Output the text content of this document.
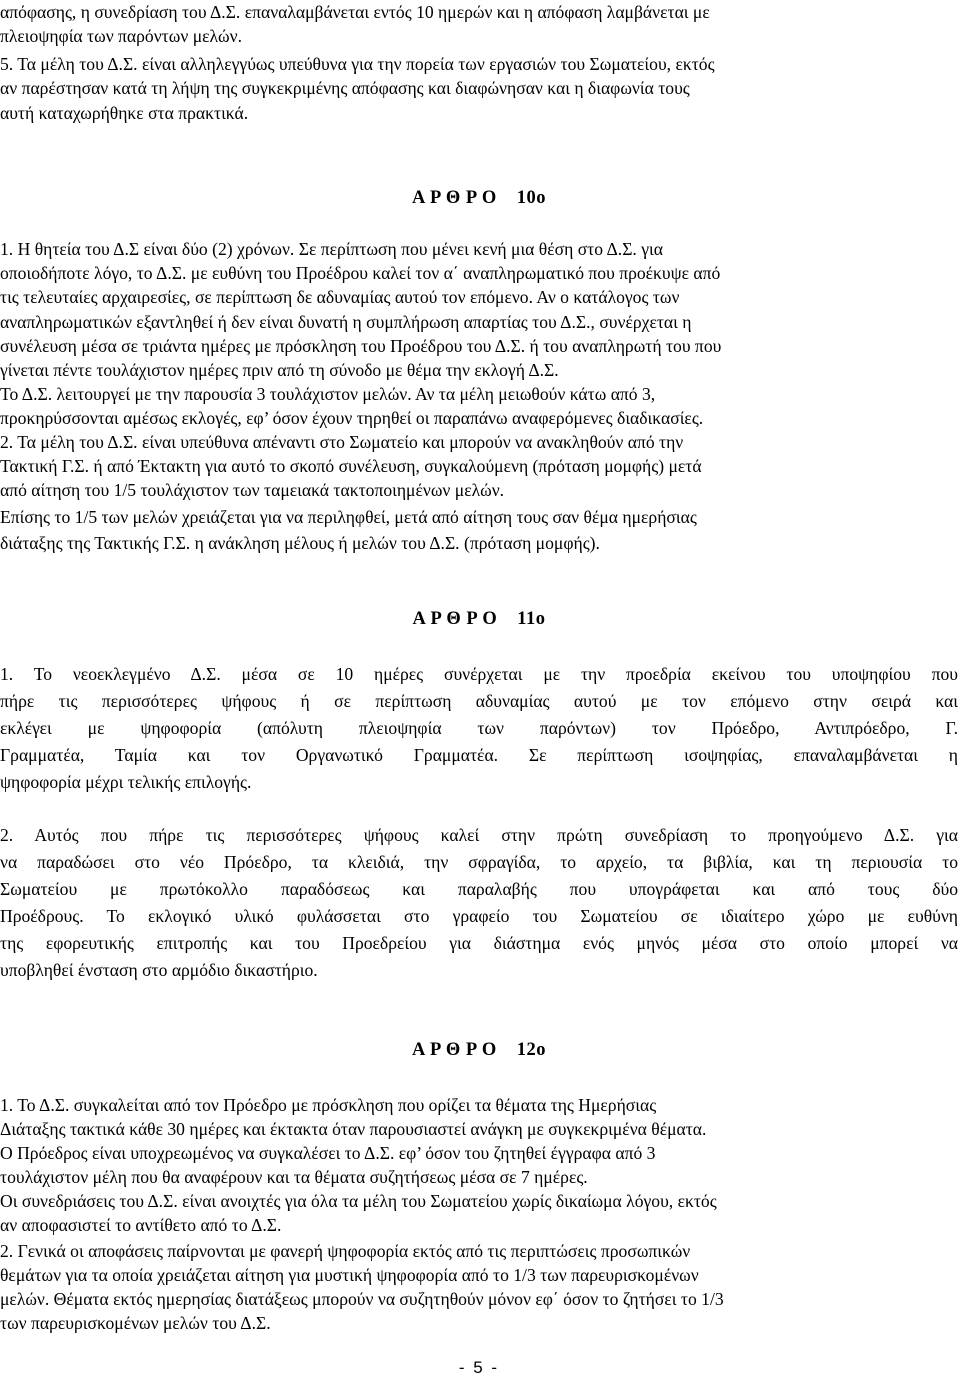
απόφασης, η συνεδρίαση του Δ.Σ. επαναλαμβάνεται εντός 10 ημερών και η απόφαση λαμβάνεται με
πλειοψηφία των παρόντων μελών.
5. Τα μέλη του Δ.Σ. είναι αλληλεγγύως υπεύθυνα για την πορεία των εργασιών του Σωματείου, εκτός
αν παρέστησαν κατά τη λήψη της συγκεκριμένης απόφασης και διαφώνησαν και η διαφωνία τους
αυτή καταχωρήθηκε στα πρακτικά.
Α Ρ Θ Ρ Ο 10ο
1. Η θητεία του Δ.Σ είναι δύο (2) χρόνων. Σε περίπτωση που μένει κενή μια θέση στο Δ.Σ. για
οποιοδήποτε λόγο, το Δ.Σ. με ευθύνη του Προέδρου καλεί τον α΄ αναπληρωματικό που προέκυψε από
τις τελευταίες αρχαιρεσίες, σε περίπτωση δε αδυναμίας αυτού τον επόμενο. Αν ο κατάλογος των
αναπληρωματικών εξαντληθεί ή δεν είναι δυνατή η συμπλήρωση απαρτίας του Δ.Σ., συνέρχεται η
συνέλευση μέσα σε τριάντα ημέρες με πρόσκληση του Προέδρου του Δ.Σ. ή του αναπληρωτή του που
γίνεται πέντε τουλάχιστον ημέρες πριν από τη σύνοδο με θέμα την εκλογή Δ.Σ.
Το Δ.Σ. λειτουργεί με την παρουσία 3 τουλάχιστον μελών. Αν τα μέλη μειωθούν κάτω από 3,
προκηρύσσονται αμέσως εκλογές, εφ’ όσον έχουν τηρηθεί οι παραπάνω αναφερόμενες διαδικασίες.
2. Τα μέλη του Δ.Σ. είναι υπεύθυνα απέναντι στο Σωματείο και μπορούν να ανακληθούν από την
Τακτική Γ.Σ. ή από Έκτακτη για αυτό το σκοπό συνέλευση, συγκαλούμενη (πρόταση μομφής) μετά
από αίτηση του 1/5 τουλάχιστον των ταμειακά τακτοποιημένων μελών.
Επίσης το 1/5 των μελών χρειάζεται για να περιληφθεί, μετά από αίτηση τους σαν θέμα ημερήσιας
διάταξης της Τακτικής Γ.Σ. η ανάκληση μέλους ή μελών του Δ.Σ. (πρόταση μομφής).
Α Ρ Θ Ρ Ο 11ο
1. Το νεοεκλεγμένο Δ.Σ. μέσα σε 10 ημέρες συνέρχεται με την προεδρία εκείνου του υποψηφίου που
πήρε τις περισσότερες ψήφους ή σε περίπτωση αδυναμίας αυτού με τον επόμενο στην σειρά και
εκλέγει με ψηφοφορία (απόλυτη πλειοψηφία των παρόντων) τον Πρόεδρο, Αντιπρόεδρο, Γ.
Γραμματέα, Ταμία και τον Οργανωτικό Γραμματέα. Σε περίπτωση ισοψηφίας, επαναλαμβάνεται η
ψηφοφορία μέχρι τελικής επιλογής.
2. Αυτός που πήρε τις περισσότερες ψήφους καλεί στην πρώτη συνεδρίαση το προηγούμενο Δ.Σ. για
να παραδώσει στο νέο Πρόεδρο, τα κλειδιά, την σφραγίδα, το αρχείο, τα βιβλία, και τη περιουσία το
Σωματείου με πρωτόκολλο παραδόσεως και παραλαβής που υπογράφεται και από τους δύο
Προέδρους. Το εκλογικό υλικό φυλάσσεται στο γραφείο του Σωματείου σε ιδιαίτερο χώρο με ευθύνη
της εφορευτικής επιτροπής και του Προεδρείου για διάστημα ενός μηνός μέσα στο οποίο μπορεί να
υποβληθεί ένσταση στο αρμόδιο δικαστήριο.
Α Ρ Θ Ρ Ο 12ο
1. Το Δ.Σ. συγκαλείται από τον Πρόεδρο με πρόσκληση που ορίζει τα θέματα της Ημερήσιας
Διάταξης τακτικά κάθε 30 ημέρες και έκτακτα όταν παρουσιαστεί ανάγκη με συγκεκριμένα θέματα.
Ο Πρόεδρος είναι υποχρεωμένος να συγκαλέσει το Δ.Σ. εφ’ όσον του ζητηθεί έγγραφα από 3
τουλάχιστον μέλη που θα αναφέρουν και τα θέματα συζητήσεως μέσα σε 7 ημέρες.
Οι συνεδριάσεις του Δ.Σ. είναι ανοιχτές για όλα τα μέλη του Σωματείου χωρίς δικαίωμα λόγου, εκτός
αν αποφασιστεί το αντίθετο από το Δ.Σ.
2. Γενικά οι αποφάσεις παίρνονται με φανερή ψηφοφορία εκτός από τις περιπτώσεις προσωπικών
θεμάτων για τα οποία χρειάζεται αίτηση για μυστική ψηφοφορία από το 1/3 των παρευρισκομένων
μελών. Θέματα εκτός ημερησίας διατάξεως μπορούν να συζητηθούν μόνον εφ΄ όσον το ζητήσει το 1/3
των παρευρισκομένων μελών του Δ.Σ.
- 5 -
